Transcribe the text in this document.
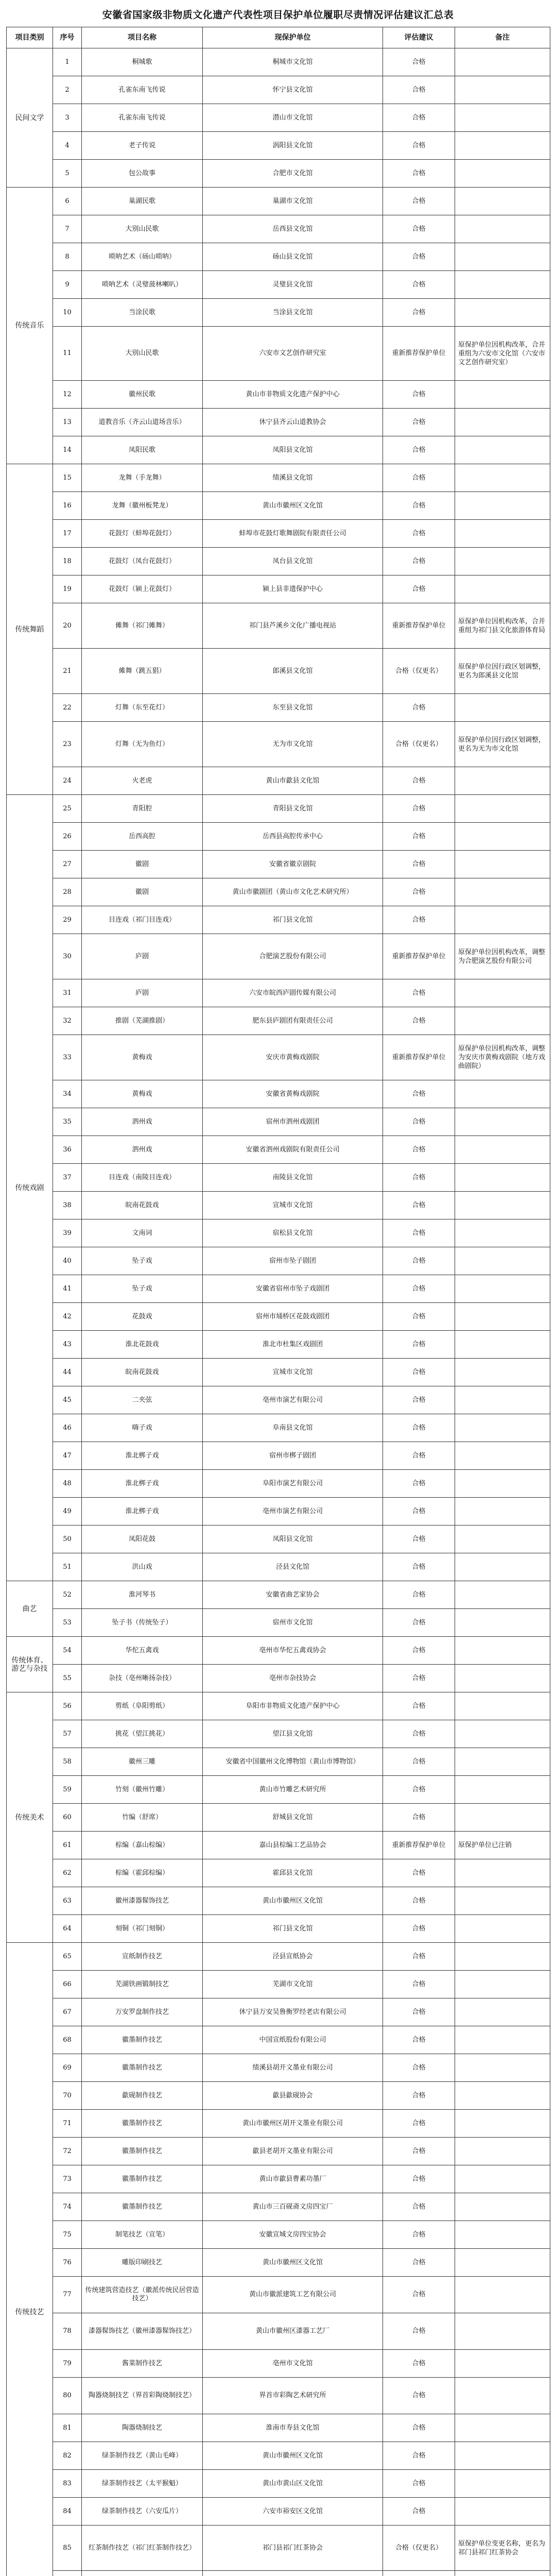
安徽省国家级非物质文化遗产代表性项目保护单位履职尽责情况评估建议汇总表
项目类别	序号	项目名称	现保护单位	评估建议	备注
民间文学	1	桐城歌	桐城市文化馆	合格	
	2	孔雀东南飞传说	怀宁县文化馆	合格	
	3	孔雀东南飞传说	潜山市文化馆	合格	
	4	老子传说	涡阳县文化馆	合格	
	5	包公故事	合肥市文化馆	合格	
传统音乐	6	巢湖民歌	巢湖市文化馆	合格	
	7	大别山民歌	岳西县文化馆	合格	
	8	唢呐艺术（砀山唢呐）	砀山县文化馆	合格	
	9	唢呐艺术（灵璧菠林喇叭）	灵璧县文化馆	合格	
	10	当涂民歌	当涂县文化馆	合格	
	11	大别山民歌	六安市文艺创作研究室	重新推荐保护单位	原保护单位因机构改革，合并重组为六安市文化馆（六安市文艺创作研究室）
	12	徽州民歌	黄山市非物质文化遗产保护中心	合格	
	13	道教音乐（齐云山道场音乐）	休宁县齐云山道教协会	合格	
	14	凤阳民歌	凤阳县文化馆	合格	
传统舞蹈	15	龙舞（手龙舞）	绩溪县文化馆	合格	
	16	龙舞（徽州板凳龙）	黄山市徽州区文化馆	合格	
	17	花鼓灯（蚌埠花鼓灯）	蚌埠市花鼓灯歌舞剧院有限责任公司	合格	
	18	花鼓灯（凤台花鼓灯）	凤台县文化馆	合格	
	19	花鼓灯（颍上花鼓灯）	颍上县非遗保护中心	合格	
	20	傩舞（祁门傩舞）	祁门县芦溪乡文化广播电视站	重新推荐保护单位	原保护单位因机构改革，合并重组为祁门县文化旅游体育局
	21	傩舞（跳五猖）	郎溪县文化馆	合格（仅更名）	原保护单位因行政区划调整，更名为郎溪县文化馆
	22	灯舞（东至花灯）	东至县文化馆	合格	
	23	灯舞（无为鱼灯）	无为市文化馆	合格（仅更名）	原保护单位因行政区划调整，更名为无为市文化馆
	24	火老虎	黄山市歙县文化馆	合格	
传统戏剧	25	青阳腔	青阳县文化馆	合格	
	26	岳西高腔	岳西县高腔传承中心	合格	
	27	徽剧	安徽省徽京剧院	合格	
	28	徽剧	黄山市徽剧团（黄山市文化艺术研究所）	合格	
	29	目连戏（祁门目连戏）	祁门县文化馆	合格	
	30	庐剧	合肥演艺股份有限公司	重新推荐保护单位	原保护单位因机构改革，调整为合肥演艺股份有限公司
	31	庐剧	六安市皖西庐剧传媒有限公司	合格	
	32	推剧（芜湖推剧）	肥东县庐剧团有限责任公司	合格	
	33	黄梅戏	安庆市黄梅戏剧院	重新推荐保护单位	原保护单位因机构改革，调整为安庆市黄梅戏剧院（地方戏曲剧院）
	34	黄梅戏	安徽省黄梅戏剧院	合格	
	35	泗州戏	宿州市泗州戏剧团	合格	
	36	泗州戏	安徽省泗州戏剧院有限责任公司	合格	
	37	目连戏（南陵目连戏）	南陵县文化馆	合格	
	38	皖南花鼓戏	宣城市文化馆	合格	
	39	文南词	宿松县文化馆	合格	
	40	坠子戏	宿州市坠子剧团	合格	
	41	坠子戏	安徽省宿州市坠子戏剧团	合格	
	42	花鼓戏	宿州市埇桥区花鼓戏剧团	合格	
	43	淮北花鼓戏	淮北市杜集区戏剧团	合格	
	44	皖南花鼓戏	宣城市文化馆	合格	
	45	二夹弦	亳州市演艺有限公司	合格	
	46	嗨子戏	阜南县文化馆	合格	
	47	淮北梆子戏	宿州市梆子剧团	合格	
	48	淮北梆子戏	阜阳市演艺有限公司	合格	
	49	淮北梆子戏	亳州市演艺有限公司	合格	
	50	凤阳花鼓	凤阳县文化馆	合格	
	51	洪山戏	泾县文化馆	合格	
曲艺	52	淮河琴书	安徽省曲艺家协会	合格	
	53	坠子书（传统坠子）	宿州市文化馆	合格	
传统体育、游艺与杂技	54	华佗五禽戏	亳州市华佗五禽戏协会	合格	
	55	杂技（亳州晰扬杂技）	亳州市杂技协会	合格	
传统美术	56	剪纸（阜阳剪纸）	阜阳市非物质文化遗产保护中心	合格	
	57	挑花（望江挑花）	望江县文化馆	合格	
	58	徽州三雕	安徽省中国徽州文化博物馆（黄山市博物馆）	合格	
	59	竹刻（徽州竹雕）	黄山市竹雕艺术研究所	合格	
	60	竹编（舒席）	舒城县文化馆	合格	
	61	棕编（嘉山棕编）	嘉山县棕编工艺品协会	重新推荐保护单位	原保护单位已注销
	62	棕编（霍邱棕编）	霍邱县文化馆	合格	
	63	徽州漆器髹饰技艺	黄山市徽州区文化馆	合格	
	64	刻铜（祁门刻铜）	祁门县文化馆	合格	
传统技艺	65	宣纸制作技艺	泾县宣纸协会	合格	
	66	芜湖铁画锻制技艺	芜湖市文化馆	合格	
	67	万安罗盘制作技艺	休宁县万安吴鲁衡罗经老店有限公司	合格	
	68	徽墨制作技艺	中国宣纸股份有限公司	合格	
	69	徽墨制作技艺	绩溪县胡开文墨业有限公司	合格	
	70	歙砚制作技艺	歙县歙砚协会	合格	
	71	徽墨制作技艺	黄山市徽州区胡开文墨业有限公司	合格	
	72	徽墨制作技艺	歙县老胡开文墨业有限公司	合格	
	73	徽墨制作技艺	黄山市歙县曹素功墨厂	合格	
	74	徽墨制作技艺	黄山市三百砚斋文房四宝厂	合格	
	75	制笔技艺（宣笔）	安徽宣城文房四宝协会	合格	
	76	雕版印刷技艺	黄山市徽州区文化馆	合格	
	77	传统建筑营造技艺（徽派传统民居营造技艺）	黄山市徽派建筑工艺有限公司	合格	
	78	漆器髹饰技艺（徽州漆器髹饰技艺）	黄山市徽州区漆器工艺厂	合格	
	79	酱菜制作技艺	亳州市文化馆	合格	
	80	陶器烧制技艺（界首彩陶烧制技艺）	界首市彩陶艺术研究所	合格	
	81	陶器烧制技艺	淮南市寿县文化馆	合格	
	82	绿茶制作技艺（黄山毛峰）	黄山市徽州区文化馆	合格	
	83	绿茶制作技艺（太平猴魁）	黄山市黄山区文化馆	合格	
	84	绿茶制作技艺（六安瓜片）	六安市裕安区文化馆	合格	
	85	红茶制作技艺（祁门红茶制作技艺）	祁门县祁门红茶协会	合格（仅更名）	原保护单位变更名称，更名为祁门县祁门红茶协会
